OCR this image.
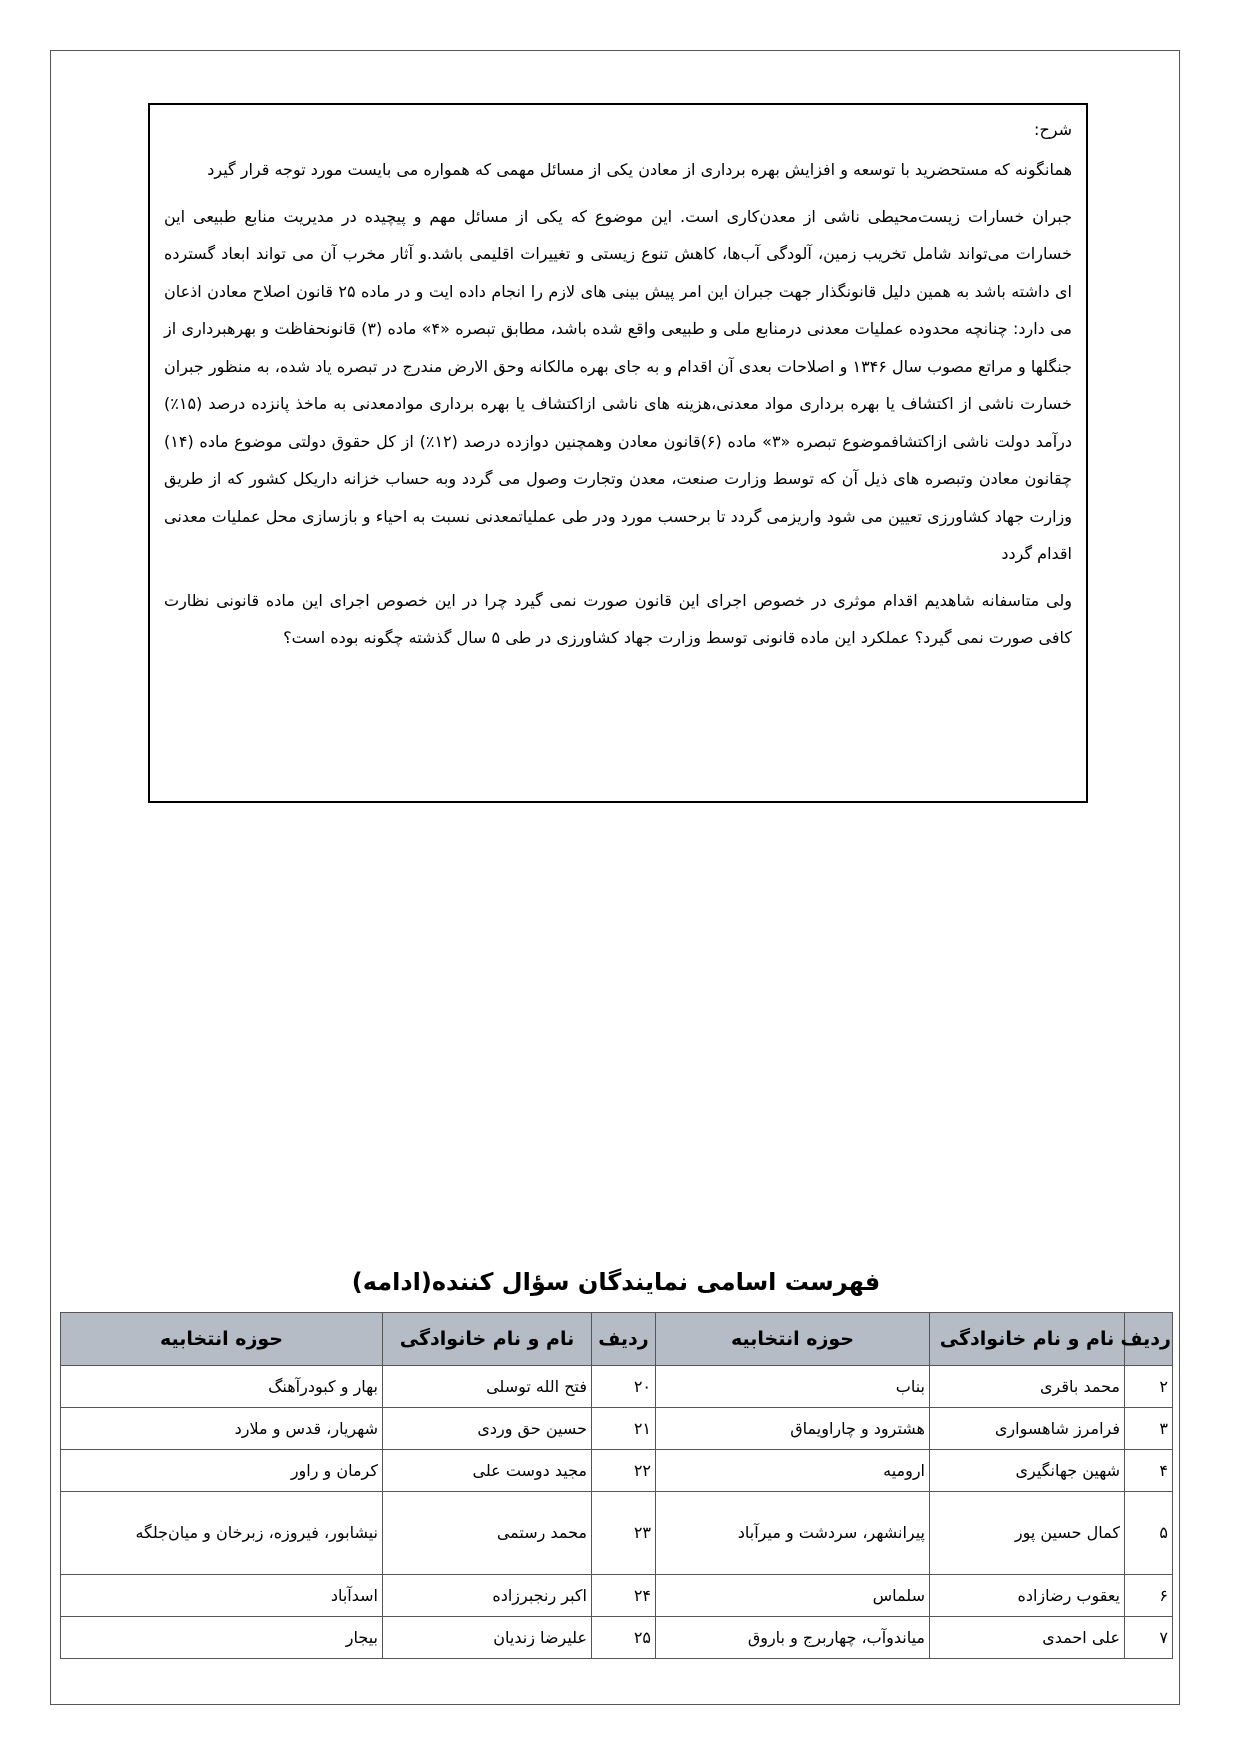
شرح:

همانگونه که مستحضرید با توسعه و افزایش بهره برداری از معادن یکی از مسائل مهمی که همواره می بایست مورد توجه قرار گیرد

جبران خسارات زیست‌محیطی ناشی از معدن‌کاری است. این موضوع که یکی از مسائل مهم و پیچیده در مدیریت منابع طبیعی این خسارات می‌تواند شامل تخریب زمین، آلودگی آب‌ها، کاهش تنوع زیستی و تغییرات اقلیمی باشد.و آثار مخرب آن می تواند ابعاد گسترده ای داشته باشد به همین دلیل قانونگذار جهت جبران این امر پیش بینی های لازم را انجام داده ایت و در ماده ۲۵ قانون اصلاح معادن اذعان می دارد: چنانچه محدوده عملیات معدنی درمنابع ملی و طبیعی واقع شده باشد، مطابق تبصره «۴» ماده (۳) قانونحفاظت و بهرهبرداری از جنگلها و مراتع مصوب سال ۱۳۴۶ و اصلاحات بعدی آن اقدام و به جای بهره مالکانه وحق الارض مندرج در تبصره یاد شده، به منظور جبران خسارت ناشی از اکتشاف یا بهره برداری مواد معدنی،هزینه های ناشی ازاکتشاف یا بهره برداری موادمعدنی به ماخذ پانزده درصد (۱۵٪) درآمد دولت ناشی ازاکتشافموضوع تبصره «۳» ماده (۶)قانون معادن وهمچنین دوازده درصد (۱۲٪) از کل حقوق دولتی موضوع ماده (۱۴) چقانون معادن وتبصره های ذیل آن که توسط وزارت صنعت، معدن وتجارت وصول می گردد وبه حساب خزانه داریکل کشور که از طریق وزارت جهاد کشاورزی تعیین می شود واریزمی گردد تا برحسب مورد ودر طی عملیاتمعدنی نسبت به احیاء و بازسازی محل عملیات معدنی اقدام گردد

ولی متاسفانه شاهدیم اقدام موثری در خصوص اجرای این قانون صورت نمی گیرد چرا در این خصوص اجرای این ماده قانونی نظارت کافی صورت نمی گیرد؟ عملکرد این ماده قانونی توسط وزارت جهاد کشاورزی در طی ۵ سال گذشته چگونه بوده است؟

فهرست اسامی نمایندگان سؤال کننده(ادامه)
ردیف	نام و نام خانوادگی	حوزه انتخابیه	ردیف	نام و نام خانوادگی	حوزه انتخابیه
۲	محمد باقری	بناب	۲۰	فتح الله توسلی	بهار و کبودرآهنگ
۳	فرامرز شاهسواری	هشترود و چاراویماق	۲۱	حسین حق وردی	شهریار، قدس و ملارد
۴	شهین جهانگیری	ارومیه	۲۲	مجید دوست علی	کرمان و راور
۵	کمال حسین پور	پیرانشهر، سردشت و میرآباد	۲۳	محمد رستمی	نیشابور، فیروزه، زبرخان و میان‌جلگه
۶	یعقوب رضازاده	سلماس	۲۴	اکبر رنجبرزاده	اسدآباد
۷	علی احمدی	میاندوآب، چهاربرج و باروق	۲۵	علیرضا زندیان	بیجار
